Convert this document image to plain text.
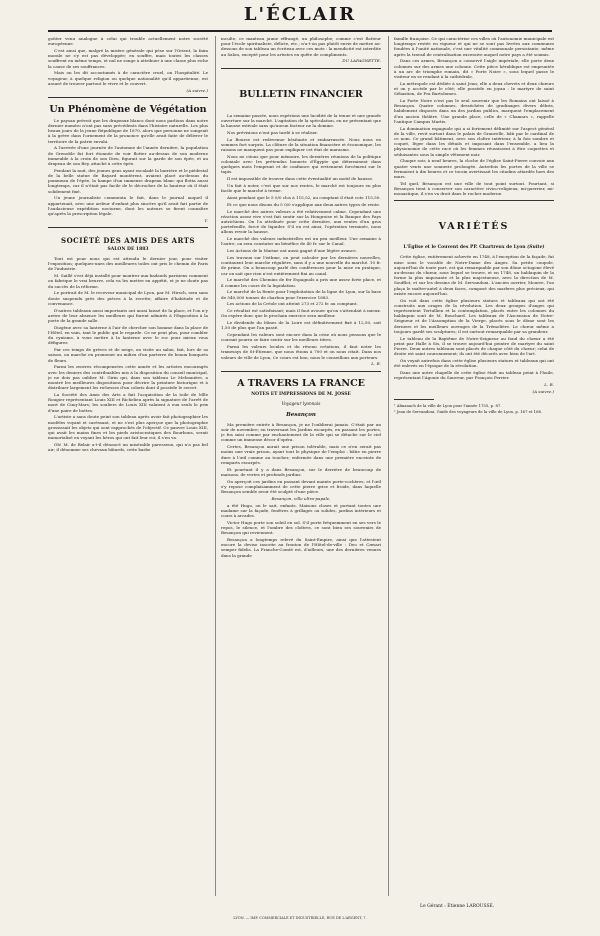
L'ÉCLAIR

goûter venu analogue à celui qui trouble actuellement notre société européenne.

C'est ainsi que, malgré la misère générale qui pèse sur l'Orient, la faim morale ne s'y est pas développée; en souffre, mais toutes les classes souffrent en même temps, et nul ne songe à attribuer à une classe plus riche la cause de ses souffrances.

Mais on les dit accoutumés à de caractère cruel, on l'hospitalité. Le voyageur, à quelque religion ou quelque nationalité qu'il appartienne, est assuré de trouver partout le vivre et le couvert.

(A suivre.)
Un Phénomène de Végétation

Le paysan prévoit que les drapeaux blancs dont nous parlions dans notre dernier numéro n'ont pas sans précédents dans l'histoire naturelle. Les plus beaux jours de la jeune République de 1870, alors que personne ne songeait à la grève dans l'ornement de la prononce qu'elle avait faite de délivrer le territoire de la patrie envahi.

A l'arrivée d'une journée de l'automne de l'année dernière, la population de Grenoble fut fort étonnée de voir flotter au-dessus de son moderne immeuble à la croix de son Dieu, figurait sur la garde de son épée, et au drapeau de son Bey, attaché à cette épée.

Pendant la nuit, des jeunes gens ayant escaladé la barrière et le piédestal de la belle statue de Bayard montèrent, avaient placé au-dessus du pommeau de l'épée, la hampe d'un immense drapeau blanc qui flotta aussi longtemps, car il n'était pas facile de le décrocher de la hauteur où il était solidement fixé.

Un jeune journaliste commenta le fait, dans le journal auquel il appartenait, avec une ardeur d'enfant plus sincère qu'il avait fait partie de l'audacieuse expédition nocturne, dont les auteurs se firent connaître qu'après la prescription légale.

Y.
SOCIÉTÉ DES AMIS DES ARTS
SALON DE 1883

Tout est pour nous qui est attendu le dernier jour, pour visiter l'exposition; quelques-unes des meilleures toiles ont pris le chemin de Paris de l'industrie.

M. Saillé s'est déjà installé pour montrer aux badauds parisiens comment on fabrique le vrai beurre, cela va les mettre en appétit, et je ne doute pas du succès de la réforme.

Le portrait de M. le receveur municipal de Lyon, par M. Hirsch, sera sans doute suspendu près des pièces à la recette; affaire d'habitude et de convenance.

D'autres tableaux aussi importants ont aussi laissé de la place, et l'on n'y arrive de leur absence les meilleurs qui furent admirés à l'Exposition à la porte de la grande salle.

Diogène avec sa lanterne à l'air de chercher son homme dans la place de l'Hôtel, en vain, tant le public qui le regarde. Ce ne peut plus, pour combler du cynisme, à vous mettre à la lanterne avec le roc pour mieux vous défigurer.

Par ces temps de grèves et de neige, on visite au salon, fait, lors de sa saison, on marche en promener au milieu d'un parterre de beaux bouquets de fleurs.

Parmi les œuvres récompensées cette année et les artistes encouragés avec les deniers des contribuables mis à la disposition du conseil municipal, je ne dois pas oublier M. Girin qui, dans son tableau Le Melonnière, a montré les meilleures dispositions pour décrire la peinture historique et à distribuer largement les richesses d'un coloris dont il possède le secret.

La Société des Amis des Arts a fait l'acquisition de la toile de Mlle Rougier représentant Louis XIII et Richelieu après la signature de l'arrêt de mort de Cinq-Mars; les souliers de Louis XIII valaient à eux seuls le prix d'une paire de bottes.

L'artiste a sans doute peint son tableau après avoir fait photographier les modèles voyant et caréssant, et ne s'est plus aperçue que la photographie grossissait les objets qui sont rapprochés de l'objectif. Ce pauvre Louis XIII, qui avait les mains fines et les pieds aristocratiques des Bourbons, serait immortalisé en voyant les héros qui ont fait leur roi; il s'en va.

Oh! M. de Belair a-t-il dénoncé un misérable paresseux, qui n'a pas bel air; il dénomme ses chevaux bâtards, cette barbe

inculte, ce manteau jaune effrangé, un philosophe; comme c'est flatteur pour l'école spiritualiste, délicte, etc.; n'a-t-on pas plutôt envie de mettre au-dessous de son tableau un écriteau avec ces mots : la mendicité est interdite au Salon, excepté pour les artistes en quête de compliments.

DU LAPAGNETTE.
BULLETIN FINANCIER

La semaine passée, nous espérions une lucidité de la tenue et une grande ouverture sur la marché. L'agitation de la spéculation, en ne présentant que la hausse estivale sans qu'aucun facteur ne la domine.

Nos prévisions n'ont pas tardé à se réaliser.

La Bourse est redevenue hésitante et embarrassée. Nous nous en sommes fort surpris. La clôture de la situation financière et économique, les raisons ne manquent pas pour expliquer cet état de marasme.

Nous ne citons que pour mémoire, les dernières réunions de la politique coloniale avec les prétendus bonnets d'Égypte qui déterminent dans quelques mois l'emprunt et de confiance qui reviennent forcément sur le tapis.

Il est impossible de trouver dans cette éventualité un motif de hausse.

Un fait à noter, c'est que sur nos rentes, le marché est toujours en plus facile que le marché à terme.

Ainsi pendant que le 5 0/0 clos à 115,52, au comptant il était cote 115,50.

Et ce que nous disons du 5 0/0 s'applique aux deux autres types de rente.

Le marché des autres valeurs a été relativement calme. Cependant une réaction assez vive s'est fait sentir sur la Hongroise et la Banque des Pays autrichiens. On l'a attribuée pour cette dernière, aux ventes d'un gros portefeuille, forcé de liquider. S'il en est ainsi, l'opération terminée, nous allons revoir la hausse.

Le marché des valeurs industrielles est un peu meilleur. Une semaine à l'autre, on sera constater un bénéfice de 40 fr. sur le Canal.

Les Actions de la Marine ont aussi gagné d'une légère avance.

Les travaux sur l'isthme, on peut calculer par les dernières nouvelles, continuent leur marche régulière, sans il y a une nouvelle du marché. 10 fr. de prime. On a beaucoup parlé des conférences pour la mise en pratique, car on sait que rien n'est entièrement fini au canal.

Le marché des Chemins de fer Espagnols a pris une assez forte place, et il comme les cours de la liquidation.

Le marché de la Rente pour l'exploitation de la ligne de Lyon, sur la base de 540,000 tonnes de charbon pour l'exercice 1883.

Les actions de la Créole ont atteint 273 et 272 fr. au comptant.

Ce résultat est satisfaisant; mais il faut avouer qu'on s'attendait à mieux. On espère donc que le prochain exercice sera meilleur.

Le dividende du Mines de la Loire est définitivement fixé à 12,50, soit 1,50 de plus que l'an passé.

Cependant les valeurs sont encore dans la crise où nous pensons que le courant pourra se faire sentir sur les meilleurs titres.

Parmi les valeurs locales et du réseau créations, il faut noter les tramways de St-Étienne, que nous étions à 700 et on nous citait. Dans nos valeurs de ville de Lyon, Ce cours est bon, nous le conseillons aux porteurs.

L. R.
A TRAVERS LA FRANCE
NOTES ET IMPRESSIONS DE M. JOSSE
Voyageur lyonnais
Besançon

Ma première entrée à Besançon, je ne l'oublierai jamais. C'était par un soir de novembre; en traversant les Jardins escarpés, en passant les portes, je fus saisi comme par enchantement de la ville qui se détache sur le ciel comme un immense décor d'opéra.

Certes, Besançon aurait une prison tolérable, mais ce n'en serait pas moins une vraie prison, ayant tout le physique de l'emploi : bâtie en pierre dure à l'œil comme au toucher; enfermée dans une première enceinte de remparts escarpés.

Et pourtant il y a dans Besançon, sur le derrière de beaucoup de maisons, de vertes et profonds jardins.

On aperçoit ces jardins en passant devant maints porte-cochères, et l'œil s'y repose complaisamment de cette pierre grise et froide, dans laquelle Besançon semble avoir été sculpté d'une pièce.

Besançon, ville ultra-papale,

a été Hugo, on le sait, enfants. Maisons closes et portant toutes une madame sur la façade, fenêtres à grillages ou solides, jardins intérieurs et cours à arcades.

Victor Hugo porte son soleil en sol. S'il porte fréquemment en ses vers le repos, le silence, et l'ombre des cloîtres, ce sont bien ses souvenirs de Besançon qui reviennent.

Besançon a longtemps relevé du Saint-Empire, ainsi que l'attestent encore la devise inscrite au fronton de l'Hôtel-de-ville : Deo et Cæsari semper fidelis. La Franche-Comté est, d'ailleurs, une des dernières venues dans la grande

famille française. Ce qui caractérise ces villes où l'autonomie municipale est longtemps restée en vigueur et qui ne se sont pas livrées aux communes fondées à l'unité nationale, c'est une vitalité communale persistante, même après la travail de centralisation excessive auquel notre pays a été soumis.

Dans ces armes, Besançon a conservé l'aigle impériale; elle porte deux colonnes sur des armes une colonne. Cette pièce héraldique est empruntée à un arc de triomphe romain, dit « Porte Noire », sous lequel passe le visiteur en se rendant à la cathédrale.

La métropole est dédiée à saint Jean; elle a deux chevets et deux chœurs et on y accède par le côté; elle possède en joyau : le martyre de saint Sébastien, de Fra Bartolomeo.

La Porte Noire n'est pas le seul souvenir que les Romains ont laissé à Besançon. Quatre colonnes, desséchées de gradinages divers débris, habilement disposés dans un des jardins publics, marquent l'emplacement d'un ancien théâtre. Une grande place, celle de « Chamars », rappelle l'antique Campus Martis.

La domination espagnole qui a si fortement délimité sur l'aspect général de la ville, revit surtout dans le palais de Granvelle, bâti par le cardinal de ce nom. Ce grand bâtiment, avec son cloître intérieur, à la fois sombre et coquet, lèger dans les détails et imposant dans l'ensemble, a lieu la physionomie de cette race où les femmes réussissent à être coquettes et séduisantes sous la simple vêtement noir.

Chaque soir, à neuf heures, la cloche de l'église Saint-Pierre convoie aux quatre vents une sonnerie prolongée. Autrefois les portes de la ville se fermaient à dix heures et ce tocsin avertissait les citadins attardés hors des murs.

Tel quel, Besançon est une ville de tout point surtout. Pourtant, si Besançon tient à conserver son caractère civico-religieux, mi-guerrier, mi-monastique, il s'en va droit dans le rocher moderne.

VARIÉTÉS
L'Église et le Couvent des PP. Chartreux de Lyon (Suite)

Cette église, entièrement achevée en 1748, à l'exception de la façade, fut mise sous le vocable de Notre-Dame des Anges. Sa petite coupole, aujourd'hui de toute part, est qui remarquable par son dôme octogone élevé au-dessus du chœur, sous lequel se trouve, et en 1748, un baldaquin de la forme la plus imposante et la plus majestueuse, avec la direction de M. Soufflot, et sur les dessins de M. Servandoni. L'ancien ouvrier, Mourre, l'on plaça le maître-autel à deux faces, composé des marbres plus précieux, qui existe encore aujourd'hui.

On voit dans cette église plusieurs statues et tableaux qui ont été construits aux orages de la révolution. Les deux groupes d'anges qui représentent Tertullien et la contemplation, placés entre les colonnes du baldaquin sont de M. Bouchard. Les tableaux de l'Ascension de Notre-Seigneur et de l'Assomption de la Vierge, placés sous le dôme sont les derniers et les meilleurs ouvrages de la Trémolière. Le chœur même a toujours gardé ses sculptures; il est surtout remarquable par sa grandeur.

Le tableau de la Baptême de Notre-Seigneur au fond du chœur a été peint par Halle à Sis, il se trouve aujourd'hui peintre de martyre du saint Pierre. Deux autres tableaux sont placés de chaque côté du chœur; celui de droite est saint couronnement; ils ont été décorés avec bien de l'art.

On voyait autrefois dans cette église plusieurs statues et tableaux qui ont été enlevés en l'époque de la révolution.

Dans une autre chapelle de cette église était un tableau peint à l'huile, représentant l'Agonie du Sauveur, par François Perrier.

L. R.
(A suivre.)

¹ Almanach de la ville de Lyon pour l'année 1755, p. 87.

² Jean de Servandoni, Guide des voyageurs de la ville de Lyon, p. 167 et 168.

Le Gérant : Étienne LAROUSSE.
LYON. — IMP. COMMERCIALE ET INDUSTRIELLE, RUE DE L'ARGENT, 7.
